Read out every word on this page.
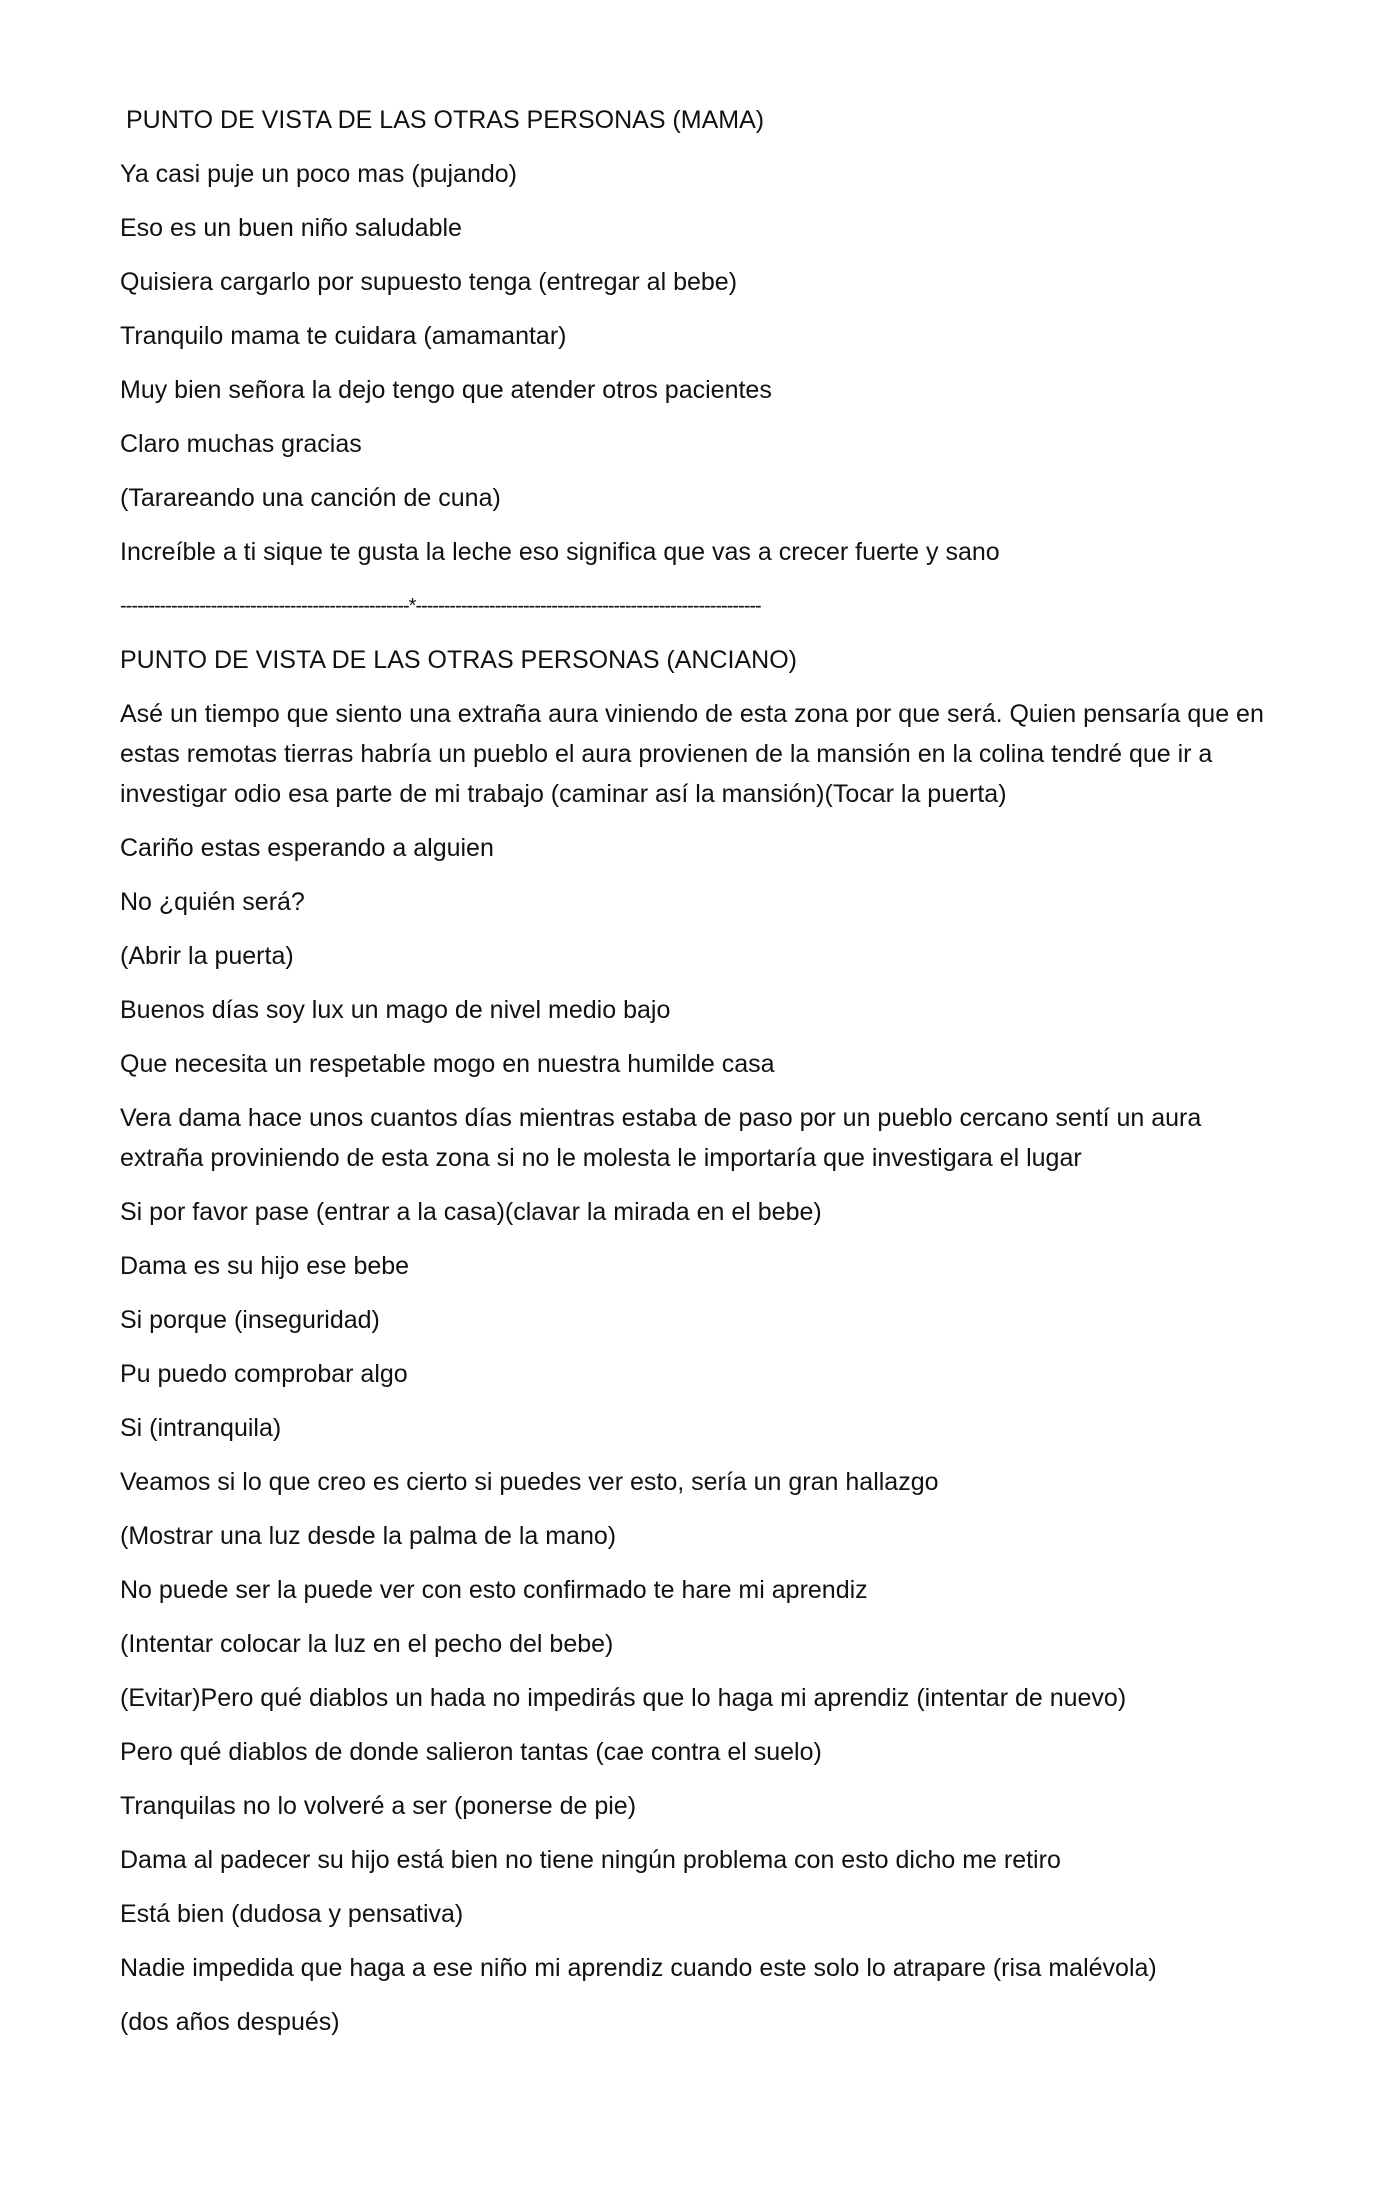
PUNTO DE VISTA DE LAS OTRAS PERSONAS (MAMA)

Ya casi puje un poco mas (pujando)

Eso es un buen niño saludable

Quisiera cargarlo por supuesto tenga (entregar al bebe)

Tranquilo mama te cuidara (amamantar)

Muy bien señora la dejo tengo que atender otros pacientes

Claro muchas gracias

(Tarareando una canción de cuna)

Increíble a ti sique te gusta la leche eso significa que vas a crecer fuerte y sano

---------------------------------------------------*-------------------------------------------------------------
PUNTO DE VISTA DE LAS OTRAS PERSONAS (ANCIANO)

Asé un tiempo que siento una extraña aura viniendo de esta zona por que será. Quien pensaría que en estas remotas tierras habría un pueblo el aura provienen de la mansión en la colina tendré que ir a investigar odio esa parte de mi trabajo (caminar así la mansión)(Tocar la puerta)

Cariño estas esperando a alguien

No ¿quién será?

(Abrir la puerta)

Buenos días soy lux un mago de nivel medio bajo

Que necesita un respetable mogo en nuestra humilde casa

Vera dama hace unos cuantos días mientras estaba de paso por un pueblo cercano sentí un aura extraña proviniendo de esta zona si no le molesta le importaría que investigara el lugar

Si por favor pase (entrar a la casa)(clavar la mirada en el bebe)

Dama es su hijo ese bebe

Si porque (inseguridad)

Pu puedo comprobar algo

Si (intranquila)

Veamos si lo que creo es cierto si puedes ver esto, sería un gran hallazgo

(Mostrar una luz desde la palma de la mano)

No puede ser la puede ver con esto confirmado te hare mi aprendiz

(Intentar colocar la luz en el pecho del bebe)

(Evitar)Pero qué diablos un hada no impedirás que lo haga mi aprendiz (intentar de nuevo)

Pero qué diablos de donde salieron tantas (cae contra el suelo)

Tranquilas no lo volveré a ser (ponerse de pie)

Dama al padecer su hijo está bien no tiene ningún problema con esto dicho me retiro

Está bien (dudosa y pensativa)

Nadie impedida que haga a ese niño mi aprendiz cuando este solo lo atrapare (risa malévola)

(dos años después)
